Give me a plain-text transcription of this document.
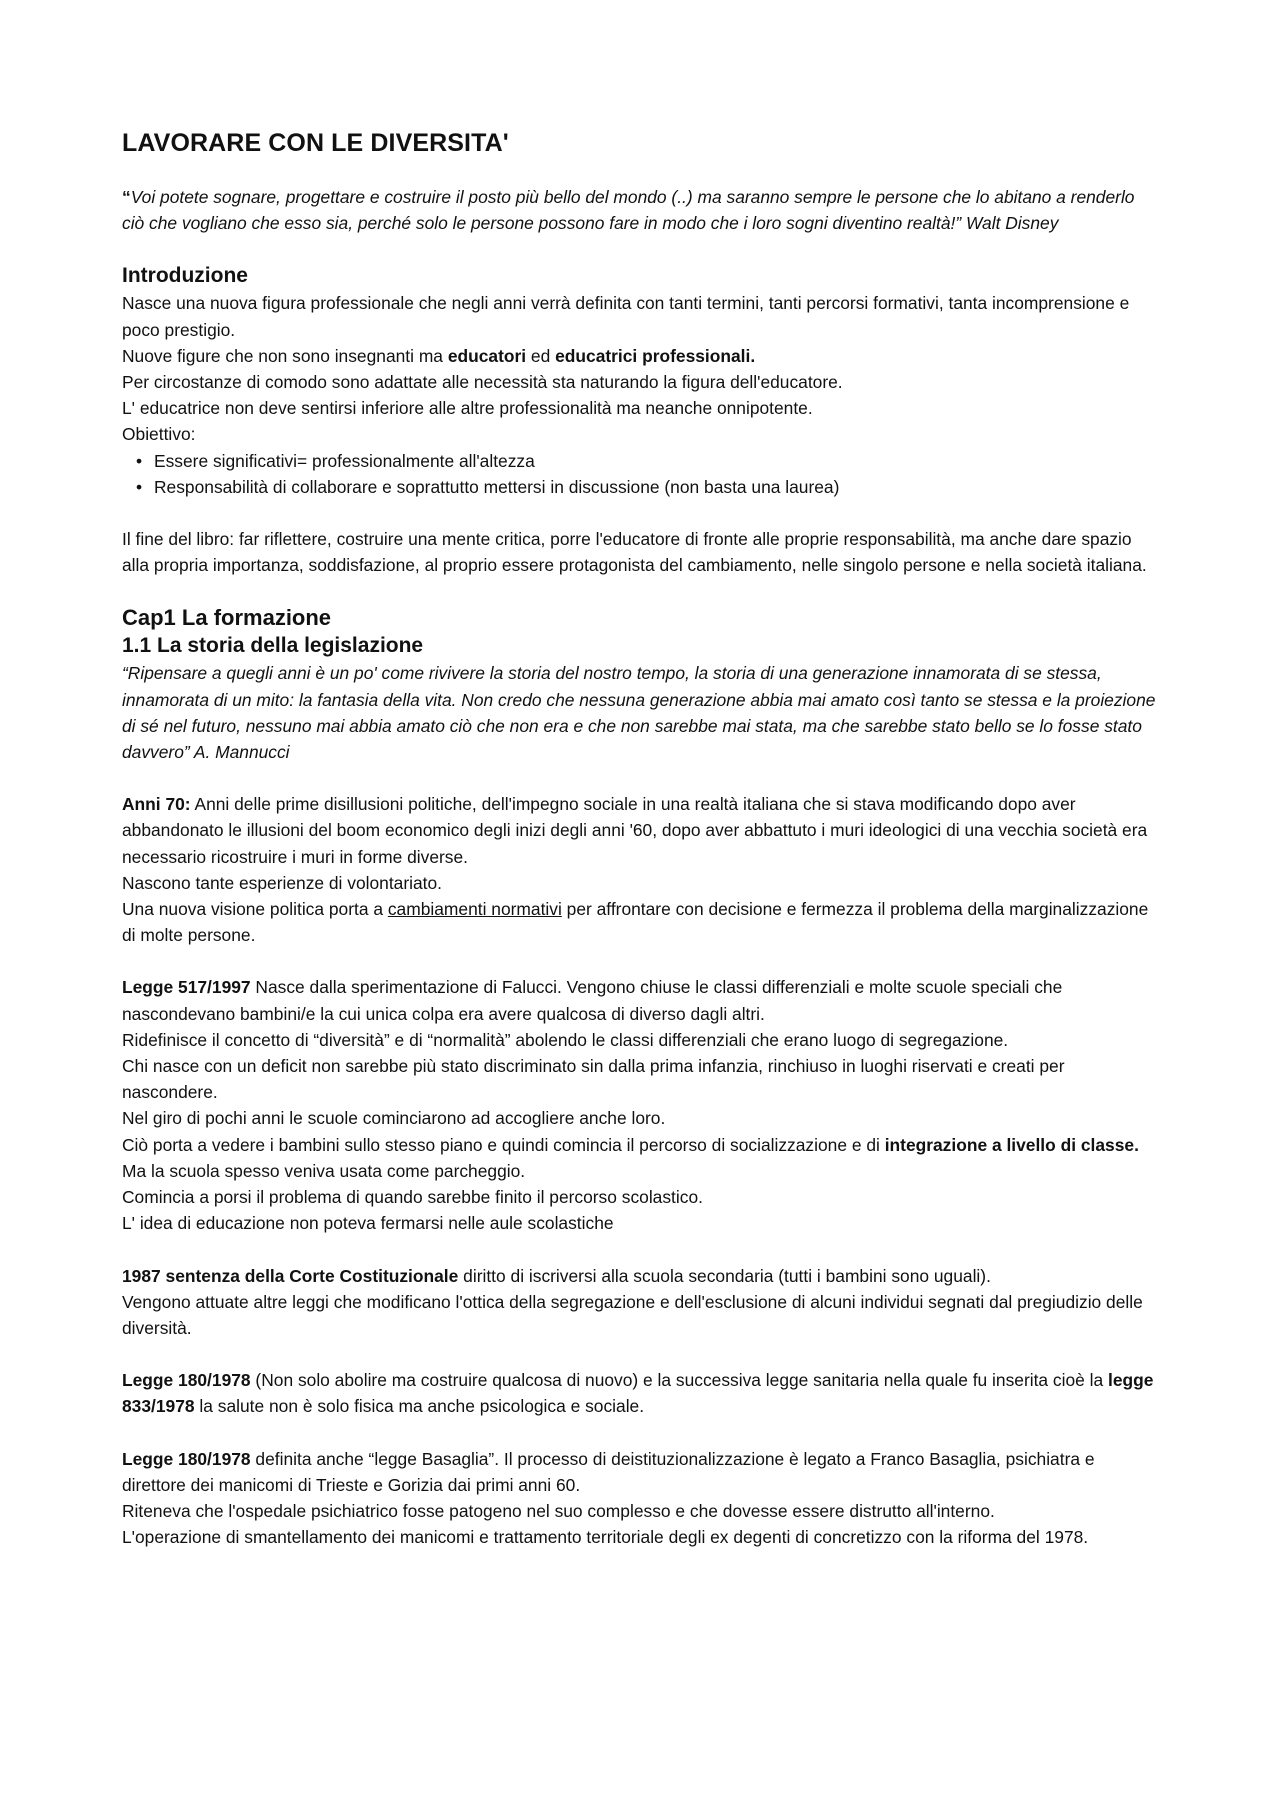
LAVORARE CON LE DIVERSITA'

“Voi potete sognare, progettare e costruire il posto più bello del mondo (..) ma saranno sempre le persone che lo abitano a renderlo ciò che vogliano che esso sia, perché solo le persone possono fare in modo che i loro sogni diventino realtà!” Walt Disney

Introduzione

Nasce una nuova figura professionale che negli anni verrà definita con tanti termini, tanti percorsi formativi, tanta incomprensione e poco prestigio.

Nuove figure che non sono insegnanti ma educatori ed educatrici professionali.

Per circostanze di comodo sono adattate alle necessità sta naturando la figura dell'educatore.

L' educatrice non deve sentirsi inferiore alle altre professionalità ma neanche onnipotente.

Obiettivo:

• Essere significativi= professionalmente all'altezza
• Responsabilità di collaborare e soprattutto mettersi in discussione (non basta una laurea)

Il fine del libro: far riflettere, costruire una mente critica, porre l'educatore di fronte alle proprie responsabilità, ma anche dare spazio alla propria importanza, soddisfazione, al proprio essere protagonista del cambiamento, nelle singolo persone e nella società italiana.

Cap1 La formazione
1.1 La storia della legislazione

“Ripensare a quegli anni è un po' come rivivere la storia del nostro tempo, la storia di una generazione innamorata di se stessa, innamorata di un mito: la fantasia della vita. Non credo che nessuna generazione abbia mai amato così tanto se stessa e la proiezione di sé nel futuro, nessuno mai abbia amato ciò che non era e che non sarebbe mai stata, ma che sarebbe stato bello se lo fosse stato davvero” A. Mannucci

Anni 70: Anni delle prime disillusioni politiche, dell'impegno sociale in una realtà italiana che si stava modificando dopo aver abbandonato le illusioni del boom economico degli inizi degli anni '60, dopo aver abbattuto i muri ideologici di una vecchia società era necessario ricostruire i muri in forme diverse.

Nascono tante esperienze di volontariato.

Una nuova visione politica porta a cambiamenti normativi per affrontare con decisione e fermezza il problema della marginalizzazione di molte persone.

Legge 517/1997 Nasce dalla sperimentazione di Falucci. Vengono chiuse le classi differenziali e molte scuole speciali che nascondevano bambini/e la cui unica colpa era avere qualcosa di diverso dagli altri.

Ridefinisce il concetto di “diversità” e di “normalità” abolendo le classi differenziali che erano luogo di segregazione.

Chi nasce con un deficit non sarebbe più stato discriminato sin dalla prima infanzia, rinchiuso in luoghi riservati e creati per nascondere.

Nel giro di pochi anni le scuole cominciarono ad accogliere anche loro.

Ciò porta a vedere i bambini sullo stesso piano e quindi comincia il percorso di socializzazione e di integrazione a livello di classe. Ma la scuola spesso veniva usata come parcheggio.

Comincia a porsi il problema di quando sarebbe finito il percorso scolastico.

L' idea di educazione non poteva fermarsi nelle aule scolastiche

1987 sentenza della Corte Costituzionale diritto di iscriversi alla scuola secondaria (tutti i bambini sono uguali).

Vengono attuate altre leggi che modificano l'ottica della segregazione e dell'esclusione di alcuni individui segnati dal pregiudizio delle diversità.

Legge 180/1978 (Non solo abolire ma costruire qualcosa di nuovo) e la successiva legge sanitaria nella quale fu inserita cioè la legge 833/1978 la salute non è solo fisica ma anche psicologica e sociale.

Legge 180/1978 definita anche “legge Basaglia”. Il processo di deistituzionalizzazione è legato a Franco Basaglia, psichiatra e direttore dei manicomi di Trieste e Gorizia dai primi anni 60.

Riteneva che l'ospedale psichiatrico fosse patogeno nel suo complesso e che dovesse essere distrutto all'interno.

L'operazione di smantellamento dei manicomi e trattamento territoriale degli ex degenti di concretizzo con la riforma del 1978.
